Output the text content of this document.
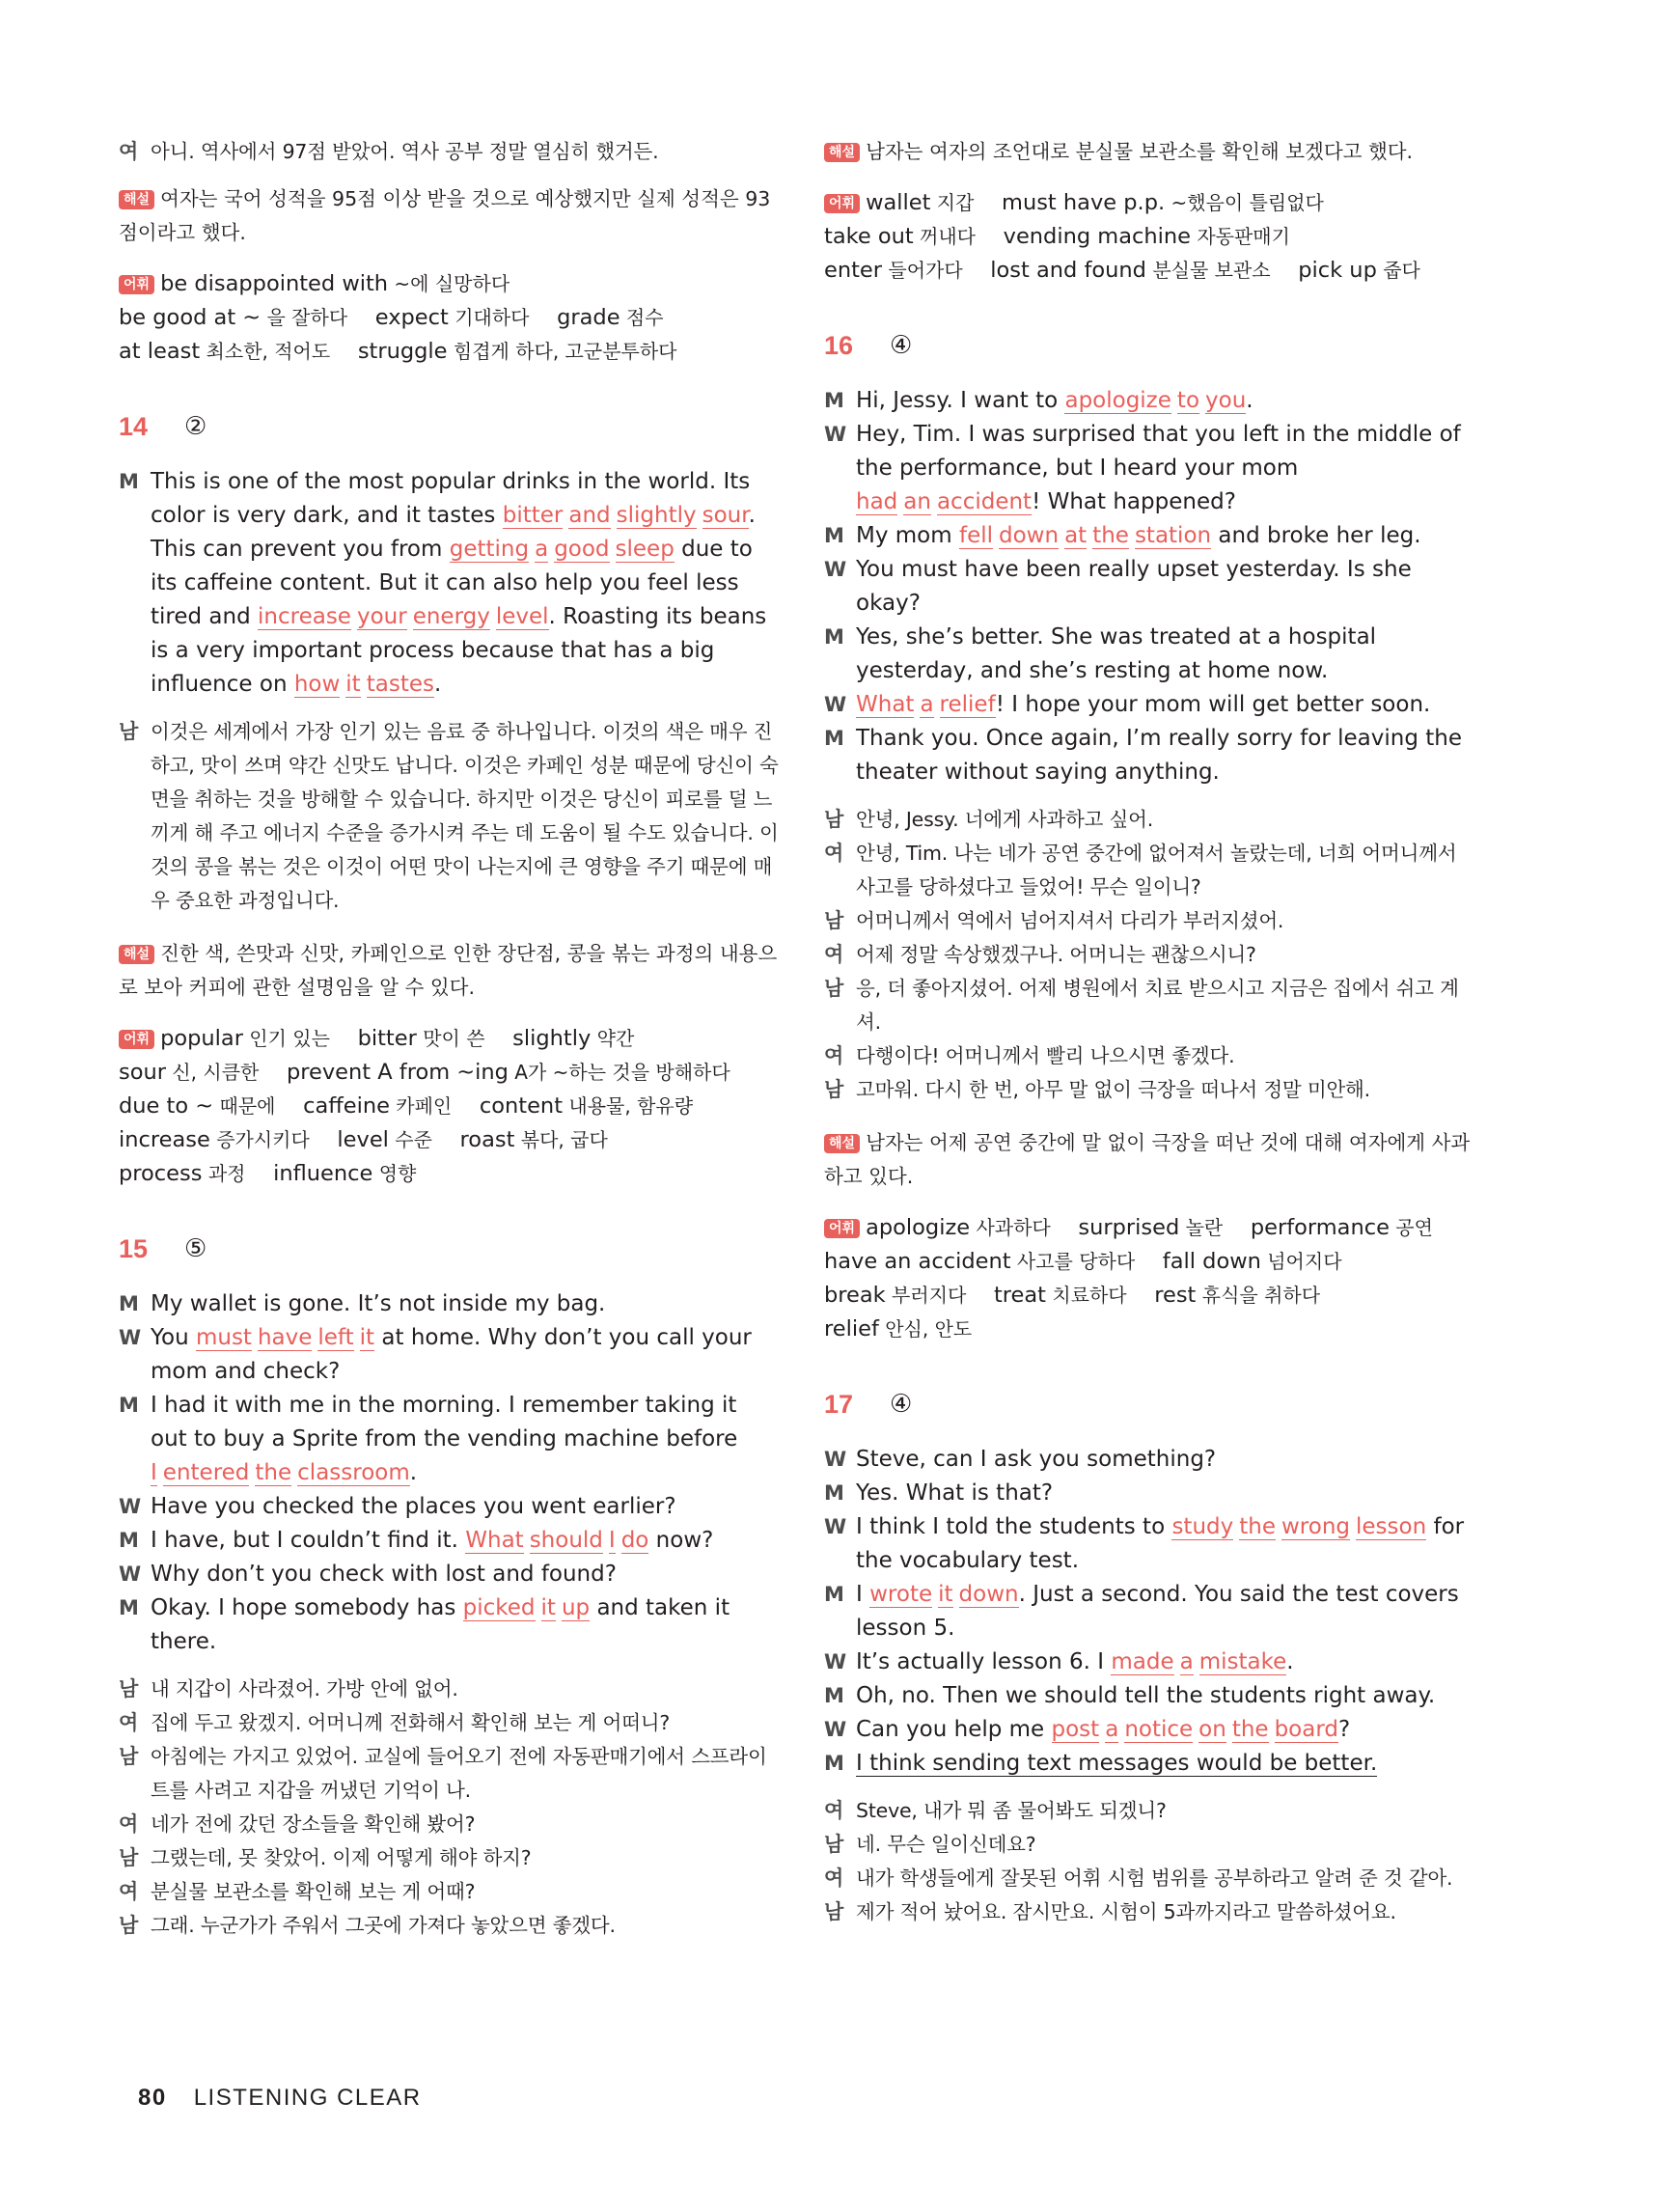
여 아니. 역사에서 97점 받았어. 역사 공부 정말 열심히 했거든.

해설 여자는 국어 성적을 95점 이상 받을 것으로 예상했지만 실제 성적은 93점이라고 했다.

어휘 be disappointed with ~에 실망하다    be good at ~ 을 잘하다 expect 기대하다 grade 점수    at least 최소한, 적어도 struggle 힘겹게 하다, 고군분투하다

14	②
M This is one of the most popular drinks in the world. Its color is very dark, and it tastes bitter and slightly sour. This can prevent you from getting a good sleep due to its caffeine content. But it can also help you feel less tired and increase your energy level. Roasting its beans is a very important process because that has a big influence on how it tastes.
남 이것은 세계에서 가장 인기 있는 음료 중 하나입니다. 이것의 색은 매우 진하고, 맛이 쓰며 약간 신맛도 납니다. 이것은 카페인 성분 때문에 당신이 숙면을 취하는 것을 방해할 수 있습니다. 하지만 이것은 당신이 피로를 덜 느끼게 해 주고 에너지 수준을 증가시켜 주는 데 도움이 될 수도 있습니다. 이것의 콩을 볶는 것은 이것이 어떤 맛이 나는지에 큰 영향을 주기 때문에 매우 중요한 과정입니다.

해설 진한 색, 쓴맛과 신맛, 카페인으로 인한 장단점, 콩을 볶는 과정의 내용으로 보아 커피에 관한 설명임을 알 수 있다.

어휘 popular 인기 있는 bitter 맛이 쓴 slightly 약간    sour 신, 시큼한 prevent A from ~ing A가 ~하는 것을 방해하다    due to ~ 때문에 caffeine 카페인 content 내용물, 함유량    increase 증가시키다 level 수준 roast 볶다, 굽다    process 과정 influence 영향

15	⑤
M My wallet is gone. It’s not inside my bag.
W You must have left it at home. Why don’t you call your mom and check?
M I had it with me in the morning. I remember taking it out to buy a Sprite from the vending machine before I entered the classroom.
W Have you checked the places you went earlier?
M I have, but I couldn’t find it. What should I do now?
W Why don’t you check with lost and found?
M Okay. I hope somebody has picked it up and taken it there.
남 내 지갑이 사라졌어. 가방 안에 없어.
여 집에 두고 왔겠지. 어머니께 전화해서 확인해 보는 게 어떠니?
남 아침에는 가지고 있었어. 교실에 들어오기 전에 자동판매기에서 스프라이트를 사려고 지갑을 꺼냈던 기억이 나.
여 네가 전에 갔던 장소들을 확인해 봤어?
남 그랬는데, 못 찾았어. 이제 어떻게 해야 하지?
여 분실물 보관소를 확인해 보는 게 어때?
남 그래. 누군가가 주워서 그곳에 가져다 놓았으면 좋겠다.

해설 남자는 여자의 조언대로 분실물 보관소를 확인해 보겠다고 했다.

어휘 wallet 지갑 must have p.p. ~했음이 틀림없다    take out 꺼내다 vending machine 자동판매기    enter 들어가다 lost and found 분실물 보관소 pick up 줍다

16	④
M Hi, Jessy. I want to apologize to you.
W Hey, Tim. I was surprised that you left in the middle of the performance, but I heard your mom had an accident! What happened?
M My mom fell down at the station and broke her leg.
W You must have been really upset yesterday. Is she okay?
M Yes, she’s better. She was treated at a hospital yesterday, and she’s resting at home now.
W What a relief! I hope your mom will get better soon.
M Thank you. Once again, I’m really sorry for leaving the theater without saying anything.
남 안녕, Jessy. 너에게 사과하고 싶어.
여 안녕, Tim. 나는 네가 공연 중간에 없어져서 놀랐는데, 너희 어머니께서 사고를 당하셨다고 들었어! 무슨 일이니?
남 어머니께서 역에서 넘어지셔서 다리가 부러지셨어.
여 어제 정말 속상했겠구나. 어머니는 괜찮으시니?
남 응, 더 좋아지셨어. 어제 병원에서 치료 받으시고 지금은 집에서 쉬고 계셔.
여 다행이다! 어머니께서 빨리 나으시면 좋겠다.
남 고마워. 다시 한 번, 아무 말 없이 극장을 떠나서 정말 미안해.

해설 남자는 어제 공연 중간에 말 없이 극장을 떠난 것에 대해 여자에게 사과하고 있다.

어휘 apologize 사과하다 surprised 놀란 performance 공연    have an accident 사고를 당하다 fall down 넘어지다    break 부러지다 treat 치료하다 rest 휴식을 취하다    relief 안심, 안도

17	④
W Steve, can I ask you something?
M Yes. What is that?
W I think I told the students to study the wrong lesson for the vocabulary test.
M I wrote it down. Just a second. You said the test covers lesson 5.
W It’s actually lesson 6. I made a mistake.
M Oh, no. Then we should tell the students right away.
W Can you help me post a notice on the board?
M I think sending text messages would be better.
여 Steve, 내가 뭐 좀 물어봐도 되겠니?
남 네. 무슨 일이신데요?
여 내가 학생들에게 잘못된 어휘 시험 범위를 공부하라고 알려 준 것 같아.
남 제가 적어 놨어요. 잠시만요. 시험이 5과까지라고 말씀하셨어요.
80 LISTENING CLEAR
